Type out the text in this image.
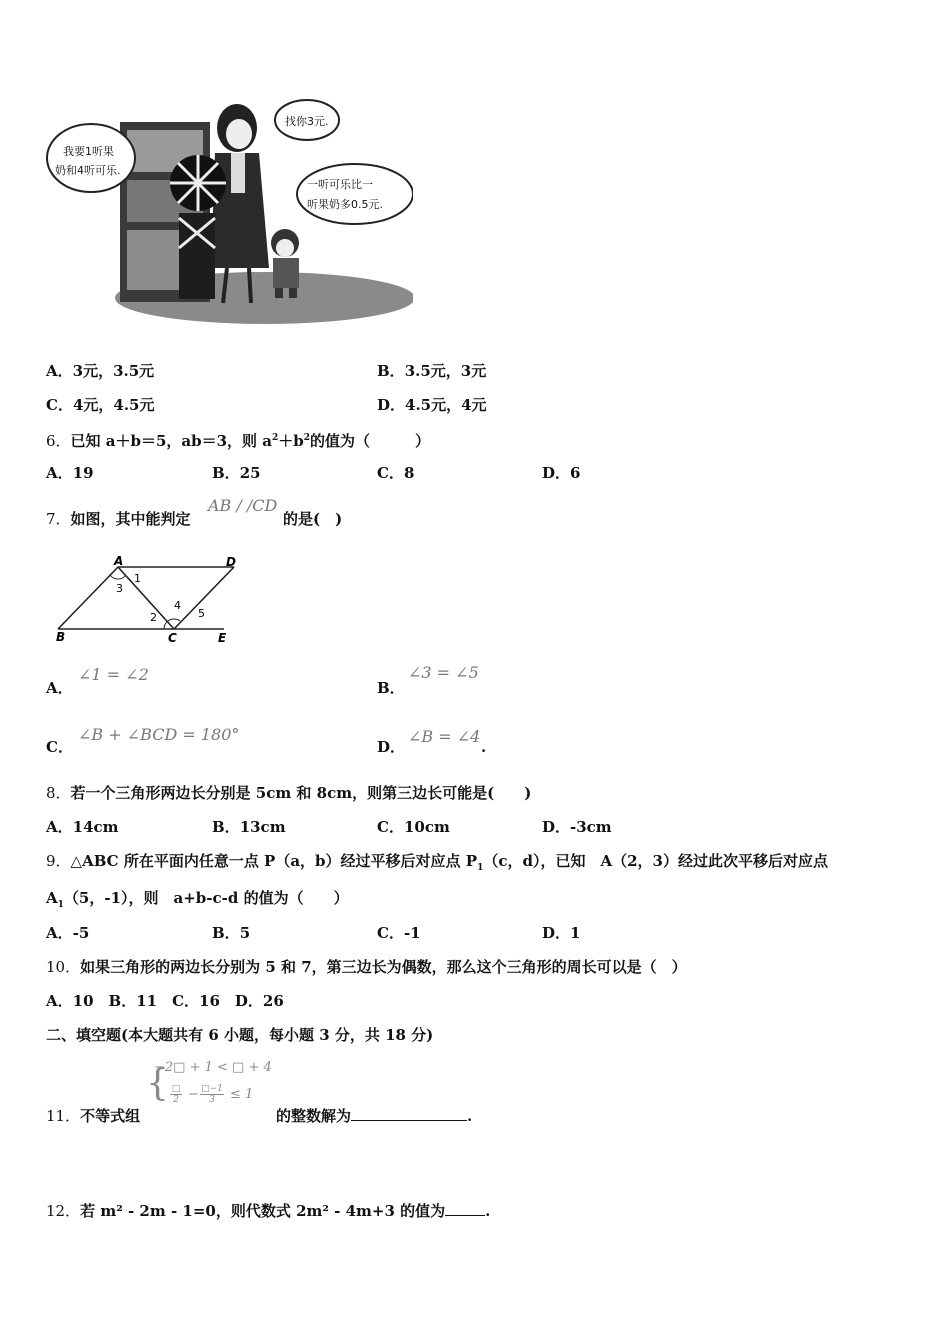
我要1听果
奶和4听可乐.
找你3元.
一听可乐比一
听果奶多0.5元.
A．3元，3.5元	B．3.5元，3元
C．4元，4.5元	D．4.5元，4元
6．已知 a＋b＝5，ab＝3，则 $a^2+b^2$的值为（　　　）
A．19	B．25	C．8	D．6
7．如图，其中能判定
AB / /CD
的是(　)
A	D
B	C	E
1
3
2
4
5
A．
∠1 = ∠2
B．
∠3 = ∠5
C．
∠B + ∠BCD = 180°
D．
∠B = ∠4
.
8．若一个三角形两边长分别是 5cm 和 8cm，则第三边长可能是(　　)
A．14cm	B．13cm	C．10cm	D．-3cm
9．△ABC 所在平面内任意一点 P（a，b）经过平移后对应点 $P_1(c$，d），已知　A（2，3）经过此次平移后对应点
$A_1(5$，-1），则　a+b-c-d 的值为（　　）
A．-5	B．5	C．-1	D．1
10．如果三角形的两边长分别为 5 和 7，第三边长为偶数，那么这个三角形的周长可以是（　）
A．10　B．11　C．16　D．26
二、填空题(本大题共有 6 小题，每小题 3 分，共 18 分)
11．不等式组
{
−2□ + 1 < □ + 4
□
2 − □−1
3	≤ 1
的整数解为	.
12．若 m² - 2m - 1=0，则代数式 2m² - 4m+3 的值为	.
